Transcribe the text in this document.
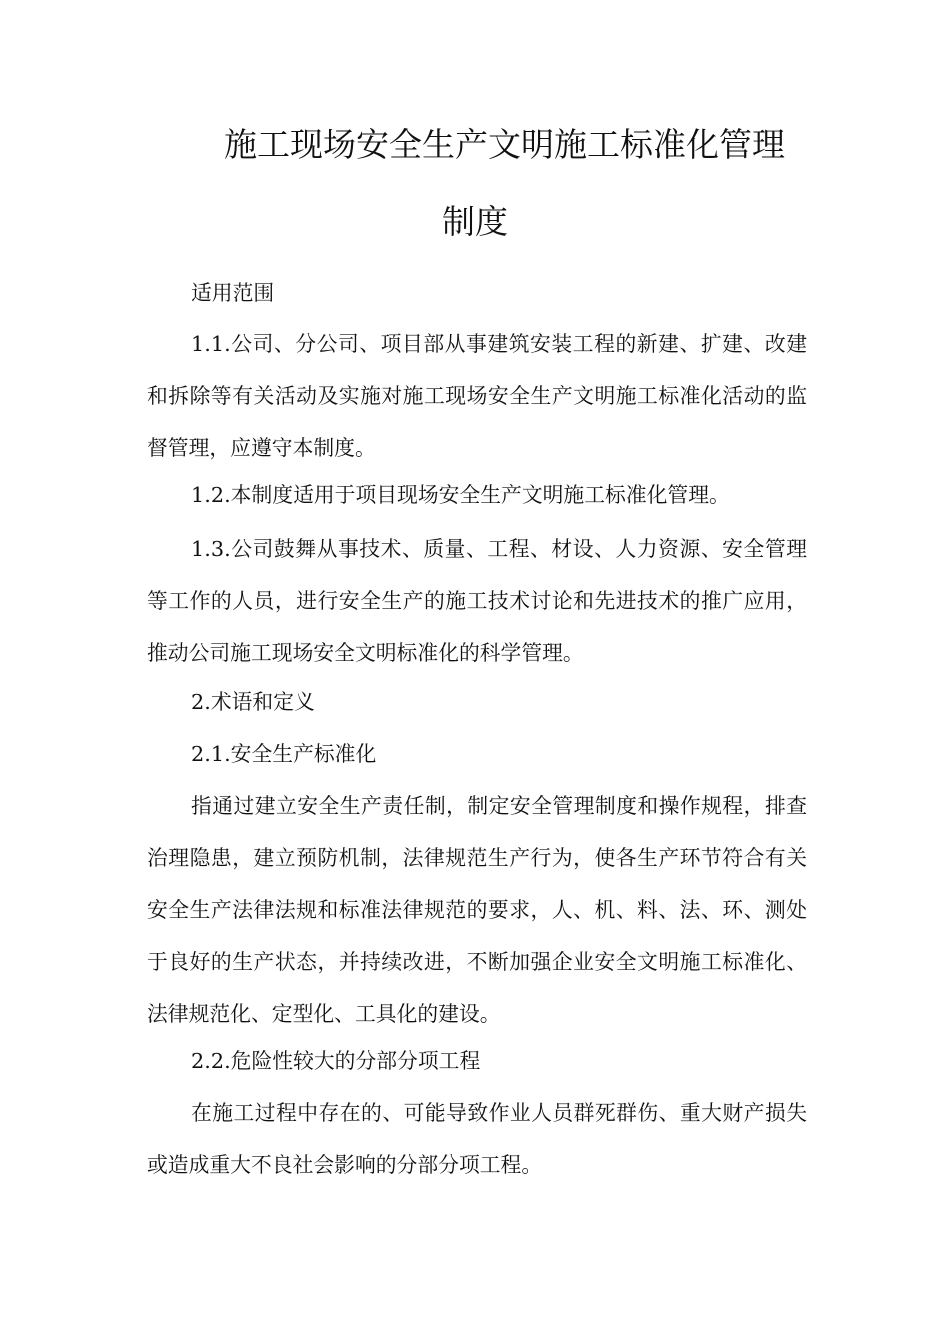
施工现场安全生产文明施工标准化管理
制度

适用范围

1.1.公司、分公司、项目部从事建筑安装工程的新建、扩建、改建和拆除等有关活动及实施对施工现场安全生产文明施工标准化活动的监督管理，应遵守本制度。

1.2.本制度适用于项目现场安全生产文明施工标准化管理。

1.3.公司鼓舞从事技术、质量、工程、材设、人力资源、安全管理等工作的人员，进行安全生产的施工技术讨论和先进技术的推广应用，推动公司施工现场安全文明标准化的科学管理。

2.术语和定义

2.1.安全生产标准化

指通过建立安全生产责任制，制定安全管理制度和操作规程，排查治理隐患，建立预防机制，法律规范生产行为，使各生产环节符合有关安全生产法律法规和标准法律规范的要求，人、机、料、法、环、测处于良好的生产状态，并持续改进，不断加强企业安全文明施工标准化、法律规范化、定型化、工具化的建设。

2.2.危险性较大的分部分项工程

在施工过程中存在的、可能导致作业人员群死群伤、重大财产损失或造成重大不良社会影响的分部分项工程。
